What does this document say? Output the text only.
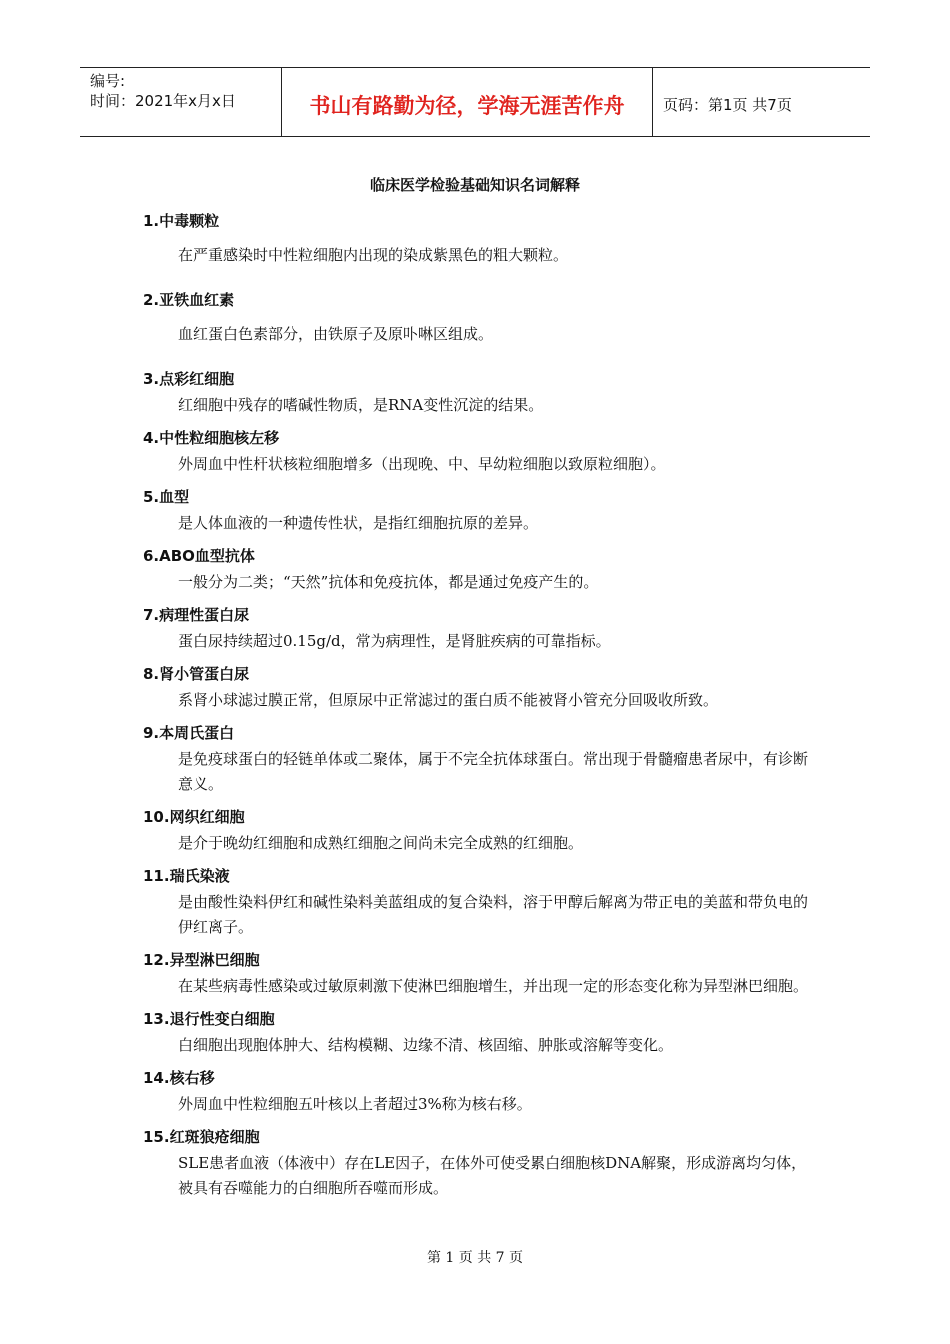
编号:
时间：2021年x月x日	书山有路勤为径，学海无涯苦作舟	页码：第1页 共7页
临床医学检验基础知识名词解释
1.中毒颗粒
在严重感染时中性粒细胞内出现的染成紫黑色的粗大颗粒。
2.亚铁血红素
血红蛋白色素部分，由铁原子及原卟啉区组成。
3.点彩红细胞
红细胞中残存的嗜碱性物质，是RNA变性沉淀的结果。
4.中性粒细胞核左移
外周血中性杆状核粒细胞增多（出现晚、中、早幼粒细胞以致原粒细胞）。
5.血型
是人体血液的一种遗传性状，是指红细胞抗原的差异。
6.ABO血型抗体
一般分为二类；“天然”抗体和免疫抗体，都是通过免疫产生的。
7.病理性蛋白尿
蛋白尿持续超过0.15g/d，常为病理性，是肾脏疾病的可靠指标。
8.肾小管蛋白尿
系肾小球滤过膜正常，但原尿中正常滤过的蛋白质不能被肾小管充分回吸收所致。
9.本周氏蛋白
是免疫球蛋白的轻链单体或二聚体，属于不完全抗体球蛋白。常出现于骨髓瘤患者尿中，有诊断意义。
10.网织红细胞
是介于晚幼红细胞和成熟红细胞之间尚未完全成熟的红细胞。
11.瑞氏染液
是由酸性染料伊红和碱性染料美蓝组成的复合染料，溶于甲醇后解离为带正电的美蓝和带负电的伊红离子。
12.异型淋巴细胞
在某些病毒性感染或过敏原刺激下使淋巴细胞增生，并出现一定的形态变化称为异型淋巴细胞。
13.退行性变白细胞
白细胞出现胞体肿大、结构模糊、边缘不清、核固缩、肿胀或溶解等变化。
14.核右移
外周血中性粒细胞五叶核以上者超过3%称为核右移。
15.红斑狼疮细胞
SLE患者血液（体液中）存在LE因子，在体外可使受累白细胞核DNA解聚，形成游离均匀体，被具有吞噬能力的白细胞所吞噬而形成。
第 1 页 共 7 页
